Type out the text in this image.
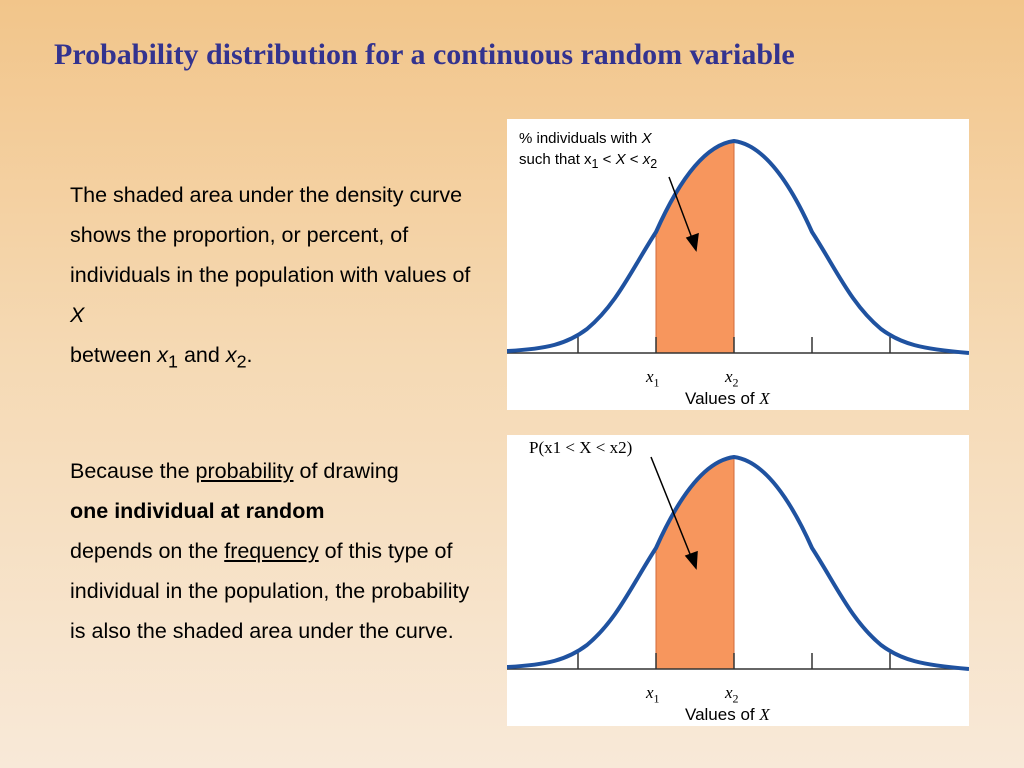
Probability distribution for a continuous random variable

The shaded area under the density curve shows the proportion, or percent, of individuals in the population with values of X
between $x_1$ and $x_2$.

Because the probability of drawing
one individual at random
depends on the frequency of this type of individual in the population, the probability is also the shaded area under the curve.

% individuals with X
such that $x_1 < X < x_2$
$x_1$	$x_2$
Values of X
P(x1 < X < x2)
$x_1$	$x_2$
Values of X
